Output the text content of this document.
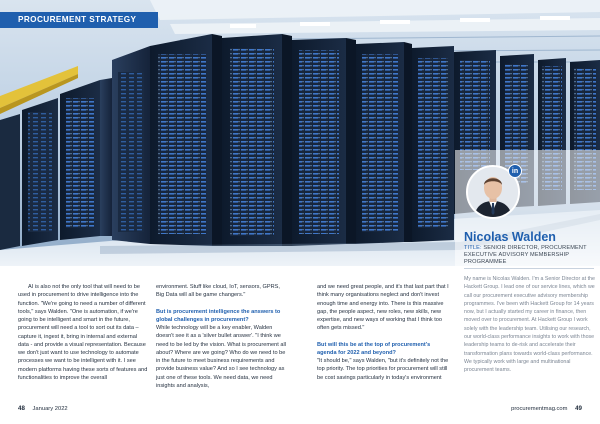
PROCUREMENT STRATEGY
in
Nicolas Walden
TITLE: SENIOR DIRECTOR, PROCUREMENT EXECUTIVE ADVISORY MEMBERSHIP PROGRAMMEE
My name is Nicolas Walden. I'm a Senior Director at the Hackett Group. I lead one of our service lines, which we call our procurement executive advisory membership programmes. I've been with Hackett Group for 14 years now, but I actually started my career in finance, then moved over to procurement. At Hackett Group I work solely with the leadership team. Utilising our research, our world-class performance insights to work with those leadership teams to de-risk and accelerate their transformation plans towards world-class performance. We typically work with large and multinational procurement teams.

AI is also not the only tool that will need to be used in procurement to drive intelligence into the function. "We're going to need a number of different tools," says Walden. "One is automation, if we're going to be intelligent and smart in the future, procurement will need a tool to sort out its data – capture it, ingest it, bring in internal and external data - and provide a visual representation. Because we don't just want to use technology to automate processes we want to be intelligent with it. I see modern platforms having these sorts of features and functionalities to improve the overall

environment. Stuff like cloud, IoT, sensors, GPRS, Big Data will all be game changers."

But is procurement intelligence the answers to global challenges in procurement?

While technology will be a key enabler, Walden doesn't see it as a 'silver bullet answer'. "I think we need to be led by the vision. What is procurement all about? Where are we going? Who do we need to be in the future to meet business requirements and provide business value? And so I see technology as just one of these tools. We need data, we need insights and analysis,

and we need great people, and it's that last part that I think many organisations neglect and don't invest enough time and energy into. There is this massive gap, the people aspect, new roles, new skills, new expertise, and new ways of working that I think too often gets missed."

But will this be at the top of procurement's agenda for 2022 and beyond?

"It should be," says Walden, "but it's definitely not the top priority. The top priorities for procurement will still be cost savings particularly in today's environment

48 January 2022	procurementmag.com 49
